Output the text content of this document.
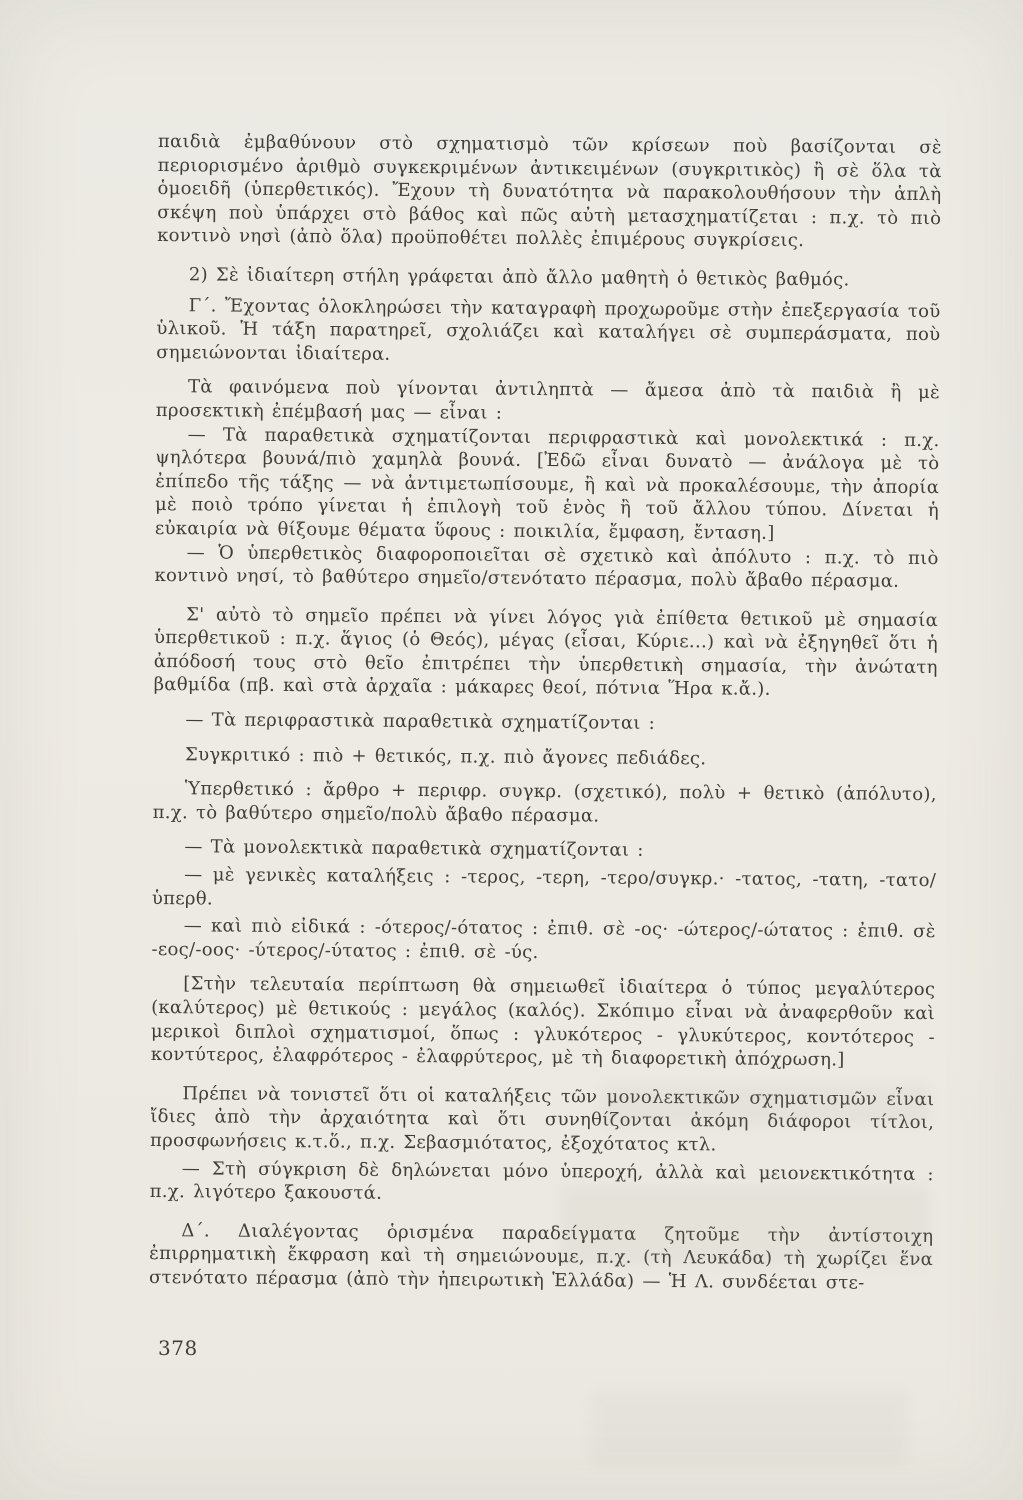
παιδιὰ ἐμβαθύνουν στὸ σχηματισμὸ τῶν κρίσεων ποὺ βασίζονται σὲ περιορισμένο ἀριθμὸ συγκεκριμένων ἀντικειμένων (συγκριτικὸς) ἢ σὲ ὅλα τὰ ὁμοειδῆ (ὑπερθετικός). Ἔχουν τὴ δυνατότητα νὰ παρακολουθήσουν τὴν ἁπλὴ σκέψη ποὺ ὑπάρχει στὸ βάθος καὶ πῶς αὐτὴ μετασχηματίζεται : π.χ. τὸ πιὸ κοντινὸ νησὶ (ἀπὸ ὅλα) προϋποθέτει πολλὲς ἐπιμέρους συγκρίσεις.

2) Σὲ ἰδιαίτερη στήλη γράφεται ἀπὸ ἄλλο μαθητὴ ὁ θετικὸς βαθμός.

Γ΄. Ἔχοντας ὁλοκληρώσει τὴν καταγραφὴ προχωροῦμε στὴν ἐπεξεργασία τοῦ ὑλικοῦ. Ἡ τάξη παρατηρεῖ, σχολιάζει καὶ καταλήγει σὲ συμπεράσματα, ποὺ σημειώνονται ἰδιαίτερα.

Τὰ φαινόμενα ποὺ γίνονται ἀντιληπτὰ — ἄμεσα ἀπὸ τὰ παιδιὰ ἢ μὲ προσεκτικὴ ἐπέμβασή μας — εἶναι :

— Τὰ παραθετικὰ σχηματίζονται περιφραστικὰ καὶ μονολεκτικά : π.χ. ψηλότερα βουνά/πιὸ χαμηλὰ βουνά. [Ἐδῶ εἶναι δυνατὸ — ἀνάλογα μὲ τὸ ἐπίπεδο τῆς τάξης — νὰ ἀντιμετωπίσουμε, ἢ καὶ νὰ προκαλέσουμε, τὴν ἀπορία μὲ ποιὸ τρόπο γίνεται ἡ ἐπιλογὴ τοῦ ἑνὸς ἢ τοῦ ἄλλου τύπου. Δίνεται ἡ εὐκαιρία νὰ θίξουμε θέματα ὕφους : ποικιλία, ἔμφαση, ἔνταση.]

— Ὁ ὑπερθετικὸς διαφοροποιεῖται σὲ σχετικὸ καὶ ἀπόλυτο : π.χ. τὸ πιὸ κοντινὸ νησί, τὸ βαθύτερο σημεῖο/στενότατο πέρασμα, πολὺ ἄβαθο πέρασμα.

Σ' αὐτὸ τὸ σημεῖο πρέπει νὰ γίνει λόγος γιὰ ἐπίθετα θετικοῦ μὲ σημασία ὑπερθετικοῦ : π.χ. ἅγιος (ὁ Θεός), μέγας (εἶσαι, Κύριε...) καὶ νὰ ἐξηγηθεῖ ὅτι ἡ ἀπόδοσή τους στὸ θεῖο ἐπιτρέπει τὴν ὑπερθετικὴ σημασία, τὴν ἀνώτατη βαθμίδα (πβ. καὶ στὰ ἀρχαῖα : μάκαρες θεοί, πότνια Ἥρα κ.ἄ.).

— Τὰ περιφραστικὰ παραθετικὰ σχηματίζονται :

Συγκριτικό : πιὸ + θετικός, π.χ. πιὸ ἄγονες πεδιάδες.

Ὑπερθετικό : ἄρθρο + περιφρ. συγκρ. (σχετικό), πολὺ + θετικὸ (ἀπόλυτο), π.χ. τὸ βαθύτερο σημεῖο/πολὺ ἄβαθο πέρασμα.

— Τὰ μονολεκτικὰ παραθετικὰ σχηματίζονται :

— μὲ γενικὲς καταλήξεις : -τερος, -τερη, -τερο/συγκρ.· -τατος, -τατη, -τατο/ὑπερθ.

— καὶ πιὸ εἰδικά : -ότερος/-ότατος : ἐπιθ. σὲ -ος· -ώτερος/-ώτατος : ἐπιθ. σὲ -εος/-οος· -ύτερος/-ύτατος : ἐπιθ. σὲ -ύς.

[Στὴν τελευταία περίπτωση θὰ σημειωθεῖ ἰδιαίτερα ὁ τύπος μεγαλύτερος (καλύτερος) μὲ θετικούς : μεγάλος (καλός). Σκόπιμο εἶναι νὰ ἀναφερθοῦν καὶ μερικοὶ διπλοὶ σχηματισμοί, ὅπως : γλυκότερος - γλυκύτερος, κοντότερος - κοντύτερος, ἐλαφρότερος - ἐλαφρύτερος, μὲ τὴ διαφορετικὴ ἀπόχρωση.]

Πρέπει νὰ τονιστεῖ ὅτι οἱ καταλήξεις τῶν μονολεκτικῶν σχηματισμῶν εἶναι ἴδιες ἀπὸ τὴν ἀρχαιότητα καὶ ὅτι συνηθίζονται ἀκόμη διάφοροι τίτλοι, προσφωνήσεις κ.τ.ὅ., π.χ. Σεβασμιότατος, ἐξοχότατος κτλ.

— Στὴ σύγκριση δὲ δηλώνεται μόνο ὑπεροχή, ἀλλὰ καὶ μειονεκτικότητα : π.χ. λιγότερο ξακουστά.

Δ΄. Διαλέγοντας ὁρισμένα παραδείγματα ζητοῦμε τὴν ἀντίστοιχη ἐπιρρηματικὴ ἔκφραση καὶ τὴ σημειώνουμε, π.χ. (τὴ Λευκάδα) τὴ χωρίζει ἕνα στενότατο πέρασμα (ἀπὸ τὴν ἠπειρωτικὴ Ἑλλάδα) — Ἡ Λ. συνδέεται στε-

378
